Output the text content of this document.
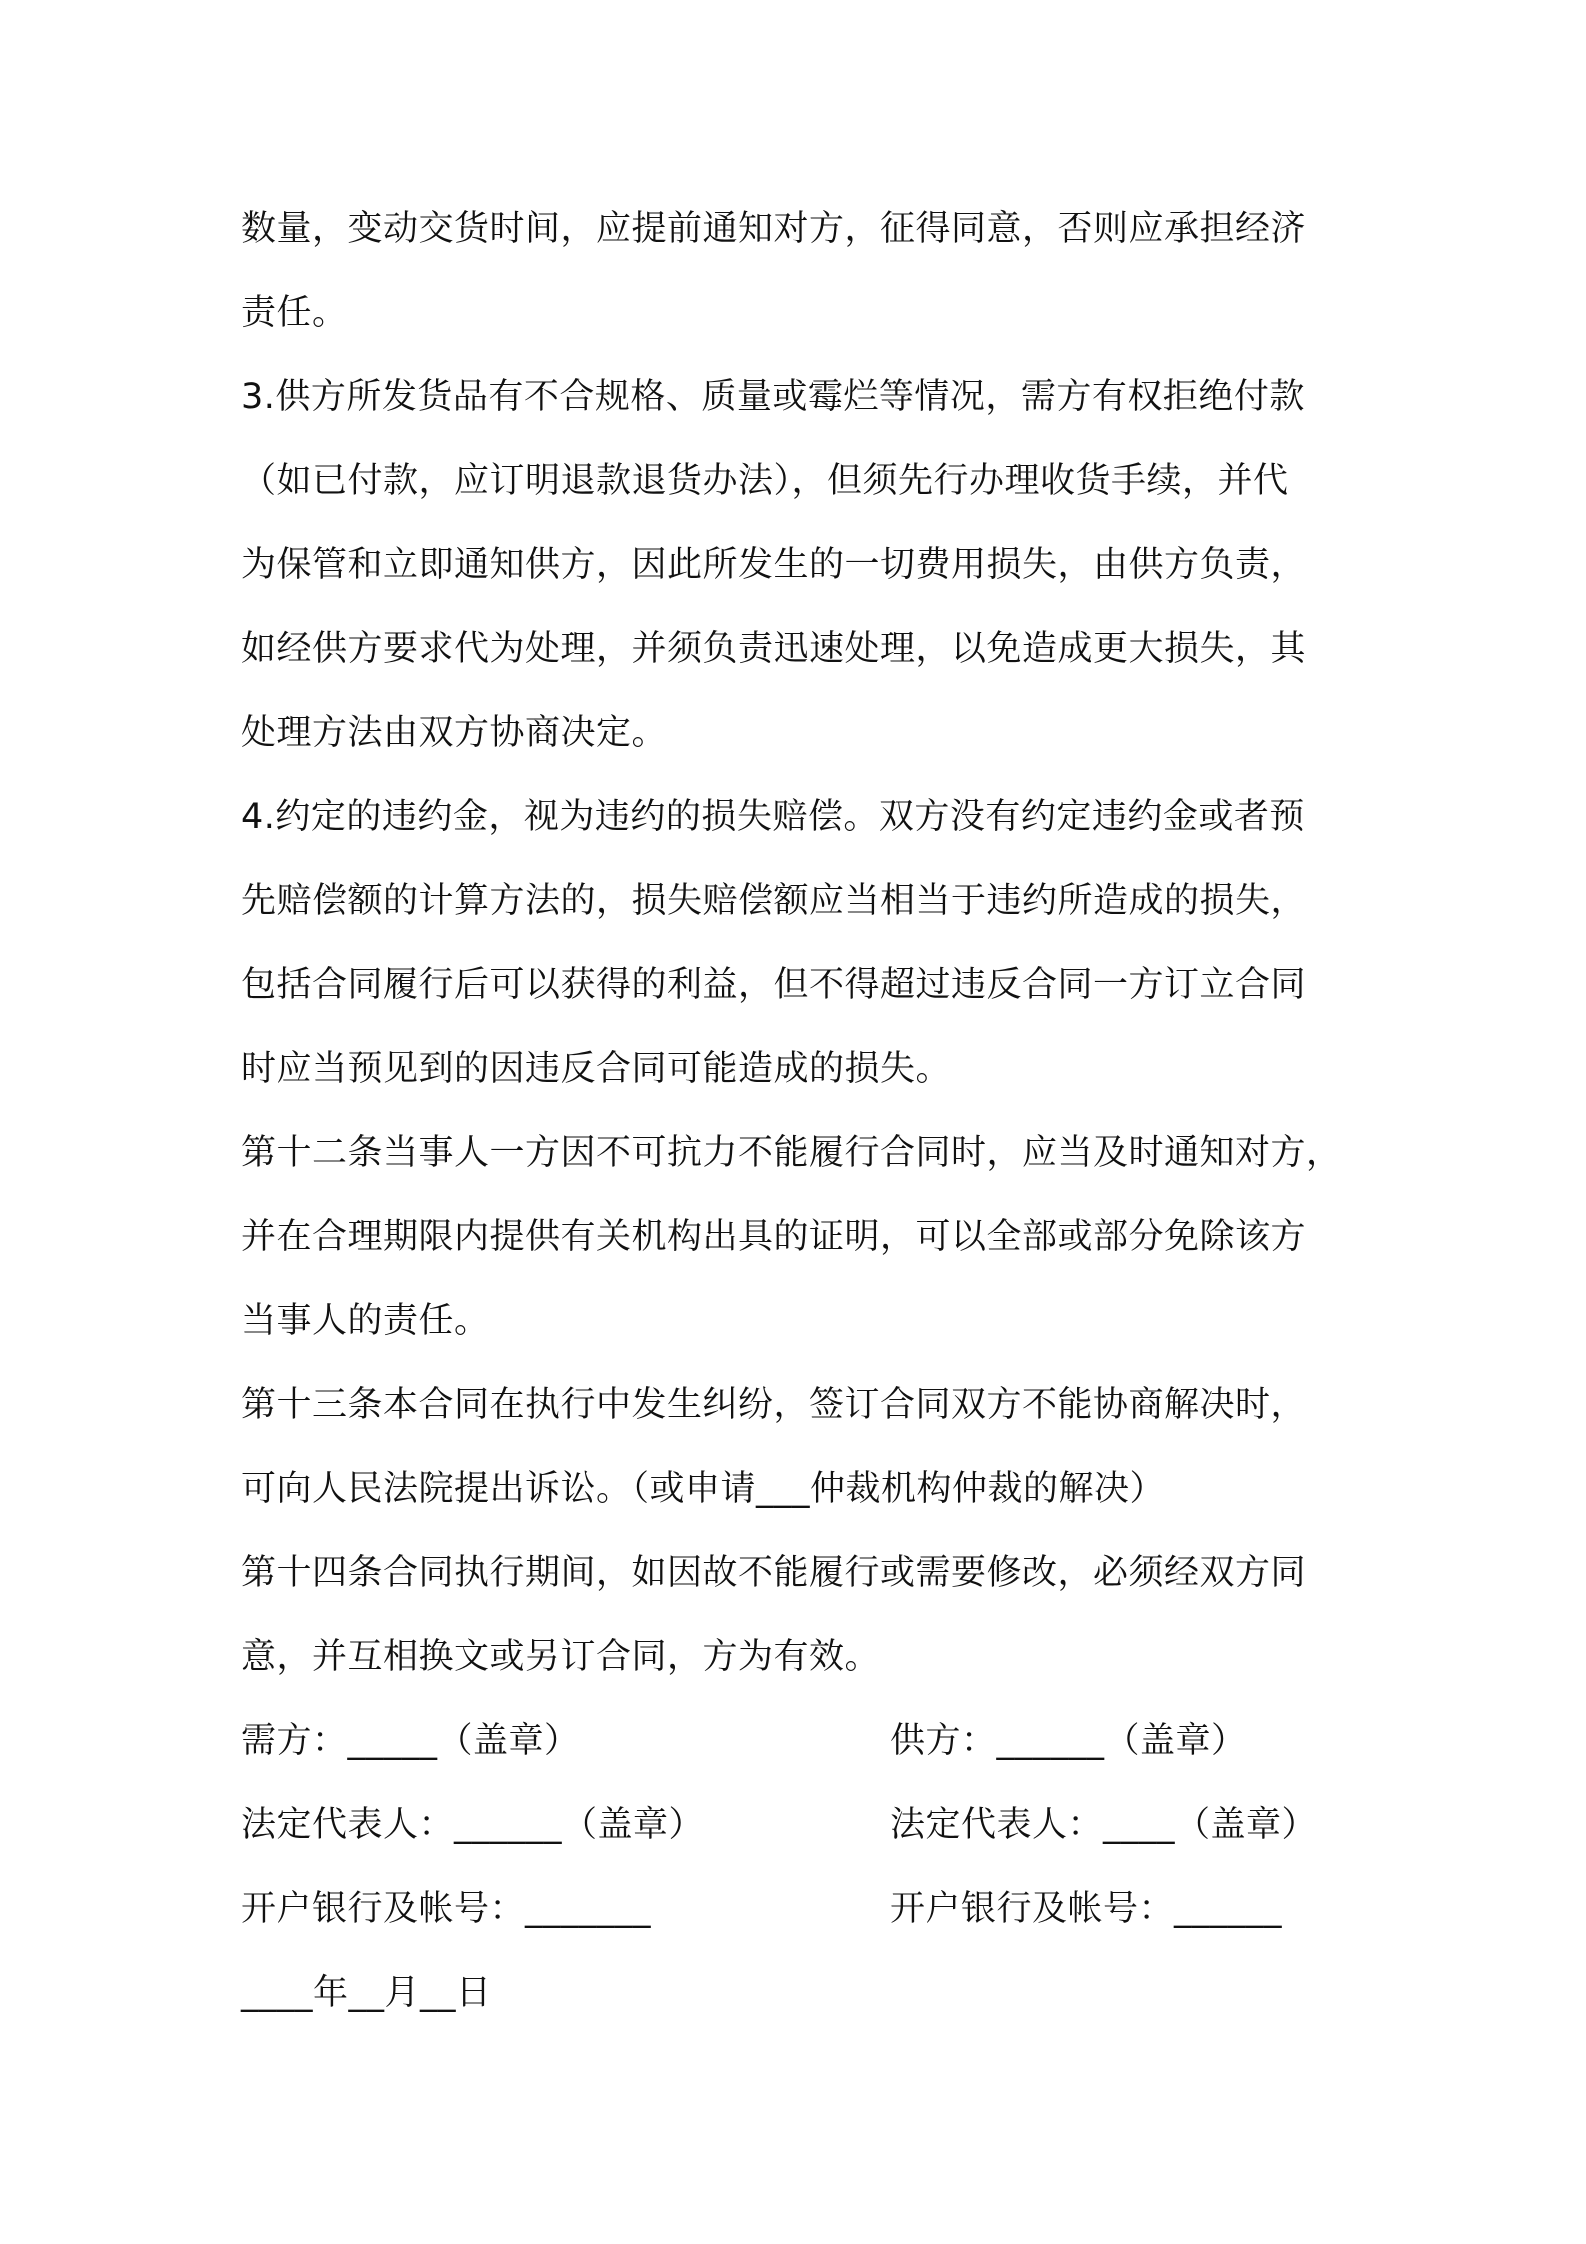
数量，变动交货时间，应提前通知对方，征得同意，否则应承担经济
责任。
3.供方所发货品有不合规格、质量或霉烂等情况，需方有权拒绝付款
（如已付款，应订明退款退货办法），但须先行办理收货手续，并代
为保管和立即通知供方，因此所发生的一切费用损失，由供方负责，
如经供方要求代为处理，并须负责迅速处理，以免造成更大损失，其
处理方法由双方协商决定。
4.约定的违约金，视为违约的损失赔偿。双方没有约定违约金或者预
先赔偿额的计算方法的，损失赔偿额应当相当于违约所造成的损失，
包括合同履行后可以获得的利益，但不得超过违反合同一方订立合同
时应当预见到的因违反合同可能造成的损失。
第十二条当事人一方因不可抗力不能履行合同时，应当及时通知对方，
并在合理期限内提供有关机构出具的证明，可以全部或部分免除该方
当事人的责任。
第十三条本合同在执行中发生纠纷，签订合同双方不能协商解决时，
可向人民法院提出诉讼。（或申请___仲裁机构仲裁的解决）
第十四条合同执行期间，如因故不能履行或需要修改，必须经双方同
意，并互相换文或另订合同，方为有效。
需方：_____（盖章）	供方：______（盖章）
法定代表人：______（盖章）	法定代表人：____（盖章）
开户银行及帐号：_______	开户银行及帐号：______
____年__月__日
